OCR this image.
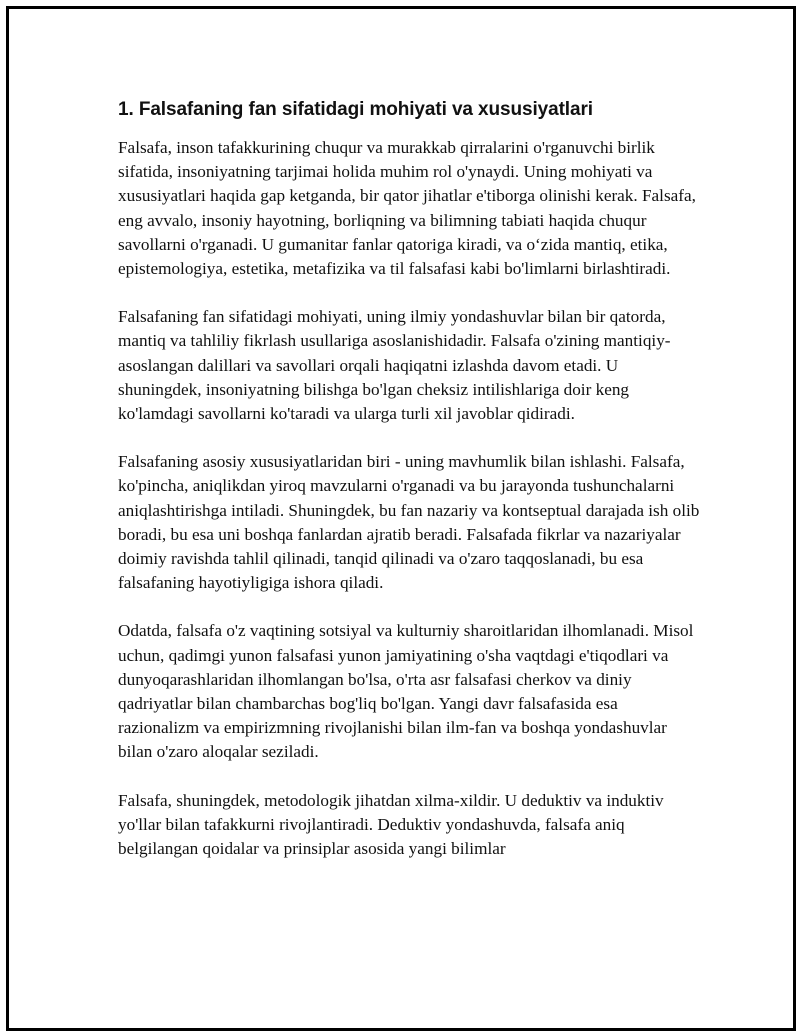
1. Falsafaning fan sifatidagi mohiyati va xususiyatlari

Falsafa, inson tafakkurining chuqur va murakkab qirralarini o'rganuvchi birlik sifatida, insoniyatning tarjimai holida muhim rol o'ynaydi. Uning mohiyati va xususiyatlari haqida gap ketganda, bir qator jihatlar e'tiborga olinishi kerak. Falsafa, eng avvalo, insoniy hayotning, borliqning va bilimning tabiati haqida chuqur savollarni o'rganadi. U gumanitar fanlar qatoriga kiradi, va o‘zida mantiq, etika, epistemologiya, estetika, metafizika va til falsafasi kabi bo'limlarni birlashtiradi.

Falsafaning fan sifatidagi mohiyati, uning ilmiy yondashuvlar bilan bir qatorda, mantiq va tahliliy fikrlash usullariga asoslanishidadir. Falsafa o'zining mantiqiy-asoslangan dalillari va savollari orqali haqiqatni izlashda davom etadi. U shuningdek, insoniyatning bilishga bo'lgan cheksiz intilishlariga doir keng ko'lamdagi savollarni ko'taradi va ularga turli xil javoblar qidiradi.

Falsafaning asosiy xususiyatlaridan biri - uning mavhumlik bilan ishlashi. Falsafa, ko'pincha, aniqlikdan yiroq mavzularni o'rganadi va bu jarayonda tushunchalarni aniqlashtirishga intiladi. Shuningdek, bu fan nazariy va kontseptual darajada ish olib boradi, bu esa uni boshqa fanlardan ajratib beradi. Falsafada fikrlar va nazariyalar doimiy ravishda tahlil qilinadi, tanqid qilinadi va o'zaro taqqoslanadi, bu esa falsafaning hayotiyligiga ishora qiladi.

Odatda, falsafa o'z vaqtining sotsiyal va kulturniy sharoitlaridan ilhomlanadi. Misol uchun, qadimgi yunon falsafasi yunon jamiyatining o'sha vaqtdagi e'tiqodlari va dunyoqarashlaridan ilhomlangan bo'lsa, o'rta asr falsafasi cherkov va diniy qadriyatlar bilan chambarchas bog'liq bo'lgan. Yangi davr falsafasida esa razionalizm va empirizmning rivojlanishi bilan ilm-fan va boshqa yondashuvlar bilan o'zaro aloqalar seziladi.

Falsafa, shuningdek, metodologik jihatdan xilma-xildir. U deduktiv va induktiv yo'llar bilan tafakkurni rivojlantiradi. Deduktiv yondashuvda, falsafa aniq belgilangan qoidalar va prinsiplar asosida yangi bilimlar
